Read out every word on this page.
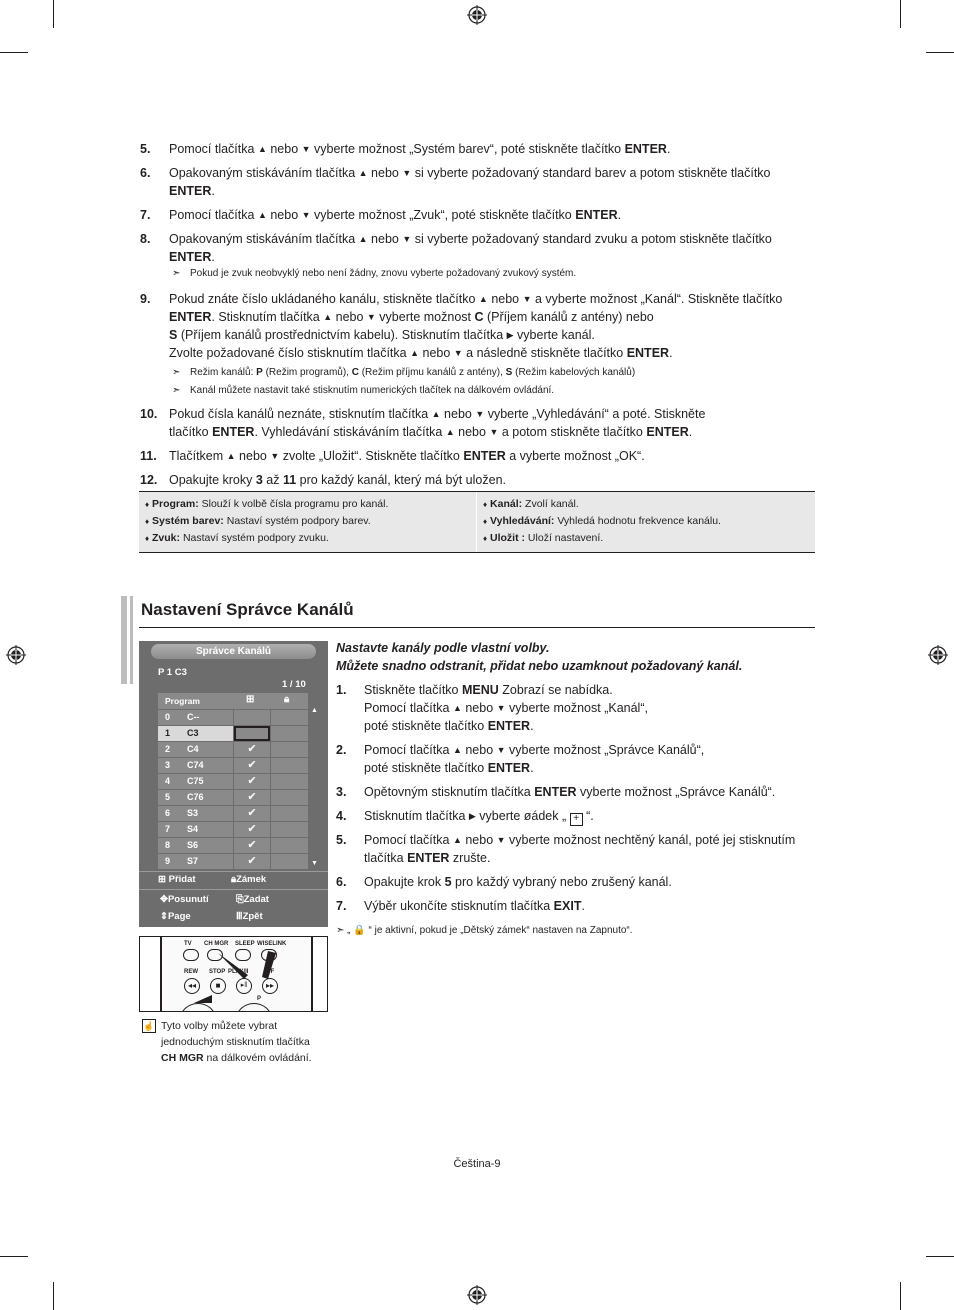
5. Pomocí tlačítka ▲ nebo ▼ vyberte možnost „Systém barev“, poté stiskněte tlačítko ENTER.
6. Opakovaným stiskáváním tlačítka ▲ nebo ▼ si vyberte požadovaný standard barev a potom stiskněte tlačítko ENTER.
7. Pomocí tlačítka ▲ nebo ▼ vyberte možnost „Zvuk“, poté stiskněte tlačítko ENTER.
8. Opakovaným stiskáváním tlačítka ▲ nebo ▼ si vyberte požadovaný standard zvuku a potom stiskněte tlačítko ENTER.
9. Pokud znáte číslo ukládaného kanálu, stiskněte tlačítko ▲ nebo ▼ a vyberte možnost „Kanál“. Stiskněte tlačítko ENTER. Stisknutím tlačítka ▲ nebo ▼ vyberte možnost C (Příjem kanálů z antény) nebo
S (Příjem kanálů prostřednictvím kabelu). Stisknutím tlačítka ▶ vyberte kanál.
Zvolte požadované číslo stisknutím tlačítka ▲ nebo ▼ a následně stiskněte tlačítko ENTER.
10. Pokud čísla kanálů neznáte, stisknutím tlačítka ▲ nebo ▼ vyberte „Vyhledávání“ a poté. Stiskněte
tlačítko ENTER. Vyhledávání stiskáváním tlačítka ▲ nebo ▼ a potom stiskněte tlačítko ENTER.
11. Tlačítkem ▲ nebo ▼ zvolte „Uložit“. Stiskněte tlačítko ENTER a vyberte možnost „OK“.
12. Opakujte kroky 3 až 11 pro každý kanál, který má být uložen.
➣ Pokud je zvuk neobvyklý nebo není žádny, znovu vyberte požadovaný zvukový systém.
➣ Režim kanálů: P (Režim programů), C (Režim příjmu kanálů z antény), S (Režim kabelových kanálů)
➣ Kanál můžete nastavit také stisknutím numerických tlačítek na dálkovém ovládání.
♦ Program: Slouží k volbě čísla programu pro kanál.
♦ Systém barev: Nastaví systém podpory barev.
♦ Zvuk: Nastaví systém podpory zvuku.
♦ Kanál: Zvolí kanál.
♦ Vyhledávání: Vyhledá hodnotu frekvence kanálu.
♦ Uložit : Uloží nastavení.
Nastavení Správce Kanálů
Správce Kanálů
P 1 C3
1 / 10
Program	⊞	🔒︎
▲
▼
0 C--
1 C3
2 C4	✔
3 C74	✔
4 C75	✔
5 C76	✔
6 S3	✔
7 S4	✔
8 S6	✔
9 S7	✔
⊞ Přidat	🔒︎Zámek
✥Posunutí	⎘Zadat
⇕Page	ⅢZpět
TV CH MGR SLEEP WISELINK
REW STOP PLAY/II	FF
◂◂	■	▸‖	▸▸
P
☝ Tyto volby můžete vybrat jednoduchým stisknutím tlačítka CH MGR na dálkovém ovládání.
Nastavte kanály podle vlastní volby.
Můžete snadno odstranit, přidat nebo uzamknout požadovaný kanál.
1. Stiskněte tlačítko MENU Zobrazí se nabídka.
Pomocí tlačítka ▲ nebo ▼ vyberte možnost „Kanál“,
poté stiskněte tlačítko ENTER.
2. Pomocí tlačítka ▲ nebo ▼ vyberte možnost „Správce Kanálů“,
poté stiskněte tlačítko ENTER.
3. Opětovným stisknutím tlačítka ENTER vyberte možnost „Správce Kanálů“.
4. Stisknutím tlačítka ▶ vyberte øádek „ + “.
5. Pomocí tlačítka ▲ nebo ▼ vyberte možnost nechtěný kanál, poté jej stisknutím tlačítka ENTER zrušte.
6. Opakujte krok 5 pro každý vybraný nebo zrušený kanál.
7. Výběr ukončíte stisknutím tlačítka EXIT.
➣ „ 🔒 “ je aktivní, pokud je „Dětský zámek“ nastaven na Zapnuto“.
Čeština-9
